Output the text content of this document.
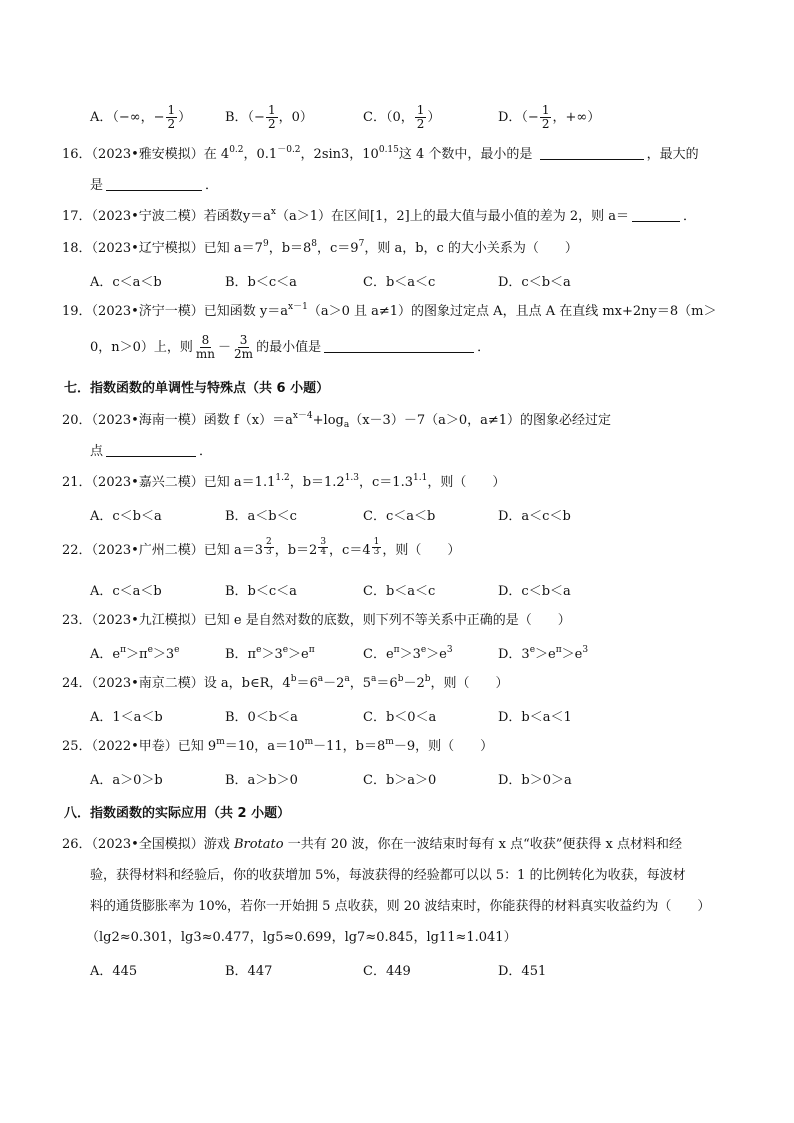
A．（−∞，− $\frac{1}{2}$ ）	B．（− $\frac{1}{2}$ ，0）	C．（0， $\frac{1}{2}$ ）	D．（− $\frac{1}{2}$ ，+∞）
16．（2023•雅安模拟）在 $4^{0.2}$，$0.1^{-0.2}$，2sin3，$10^{0.15}$这 4 个数中，最小的是	，最大的
是	．
17．（2023•宁波二模）若函数$y=a^x(a>1)$在区间[1，2]上的最大值与最小值的差为 2，则 a＝	．
18．（2023•辽宁模拟）已知 $a=7^9$，$b=8^8$，$c=9^7$，则 a，b，c 的大小关系为（　　）
A．c＜a＜b	B．b＜c＜a	C．b＜a＜c	D．c＜b＜a
19．（2023•济宁一模）已知函数 $y=a^{x-1}(a>0$ 且 a≠1）的图象过定点 A，且点 A 在直线 mx+2ny＝8（m＞
0，n＞0）上，则 $\frac{8}{mn} - \frac{3}{2m}$ 的最小值是	．
七．指数函数的单调性与特殊点（共 6 小题）
20．（2023•海南一模）函数 $f(x)=a^{x-4}+\log_a(x-3)-7(a>0$，a≠1）的图象必经过定
点	．
21．（2023•嘉兴二模）已知 $a=1.1^{1.2}$，$b=1.2^{1.3}$，$c=1.3^{1.1}$，则（　　）
A．c＜b＜a	B．a＜b＜c	C．c＜a＜b	D．a＜c＜b
22．（2023•广州二模）已知 $a=3 \frac{2}{3}$ ，$b=2 \frac{3}{4}$ ，$c=4 \frac{1}{3}$ ，则（　　）
A．c＜a＜b	B．b＜c＜a	C．b＜a＜c	D．c＜b＜a
23．（2023•九江模拟）已知 e 是自然对数的底数，则下列不等关系中正确的是（　　）
A．$e^\pi>\pi^e>3^e$	B．$\pi^e>3^e>e^\pi$	C．$e^\pi>3^e>e^3$	D．$3^e>e^\pi>e^3$
24．（2023•南京二模）设 a，b∈R，$4^b=6^a-2^a$，$5^a=6^b-2^b$，则（　　）
A．1＜a＜b	B．0＜b＜a	C．b＜0＜a	D．b＜a＜1
25．（2022•甲卷）已知 $9^m=10$，$a=10^m-11$，$b=8^m-9$，则（　　）
A．a＞0＞b	B．a＞b＞0	C．b＞a＞0	D．b＞0＞a
八．指数函数的实际应用（共 2 小题）
26．（2023•全国模拟）游戏 Brotato 一共有 20 波，你在一波结束时每有 x 点“收获”便获得 x 点材料和经
验，获得材料和经验后，你的收获增加 5%，每波获得的经验都可以以 5：1 的比例转化为收获，每波材
料的通货膨胀率为 10%，若你一开始拥 5 点收获，则 20 波结束时，你能获得的材料真实收益约为（　　）
（lg2≈0.301，lg3≈0.477，lg5≈0.699，lg7≈0.845，lg11≈1.041）
A．445	B．447	C．449	D．451
